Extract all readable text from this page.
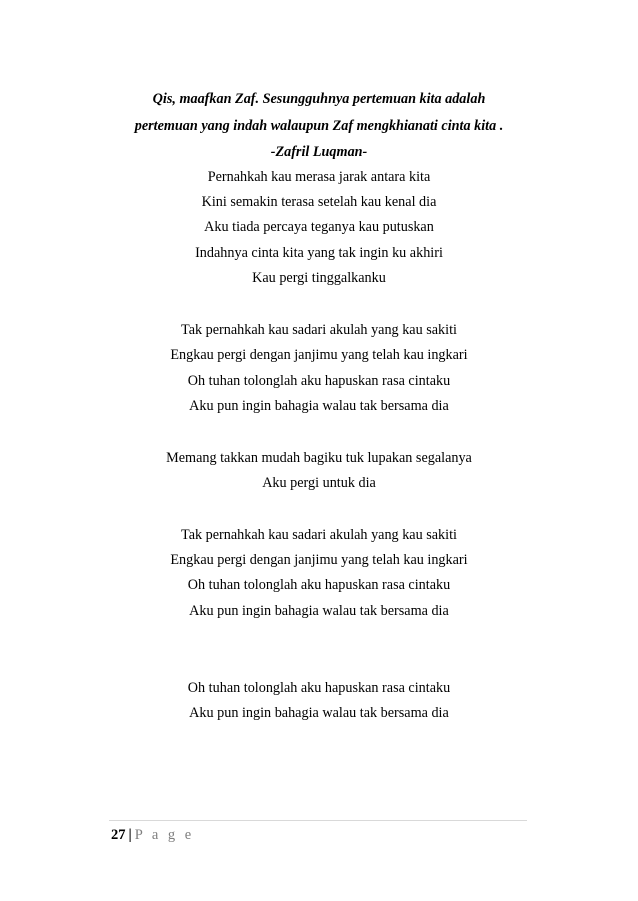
Qis, maafkan Zaf. Sesungguhnya pertemuan kita adalah
pertemuan yang indah walaupun Zaf mengkhianati cinta kita .
-Zafril Luqman-
Pernahkah kau merasa jarak antara kita
Kini semakin terasa setelah kau kenal dia
Aku tiada percaya teganya kau putuskan
Indahnya cinta kita yang tak ingin ku akhiri
Kau pergi tinggalkanku
Tak pernahkah kau sadari akulah yang kau sakiti
Engkau pergi dengan janjimu yang telah kau ingkari
Oh tuhan tolonglah aku hapuskan rasa cintaku
Aku pun ingin bahagia walau tak bersama dia
Memang takkan mudah bagiku tuk lupakan segalanya
Aku pergi untuk dia
Tak pernahkah kau sadari akulah yang kau sakiti
Engkau pergi dengan janjimu yang telah kau ingkari
Oh tuhan tolonglah aku hapuskan rasa cintaku
Aku pun ingin bahagia walau tak bersama dia
Oh tuhan tolonglah aku hapuskan rasa cintaku
Aku pun ingin bahagia walau tak bersama dia
27 | P a g e
